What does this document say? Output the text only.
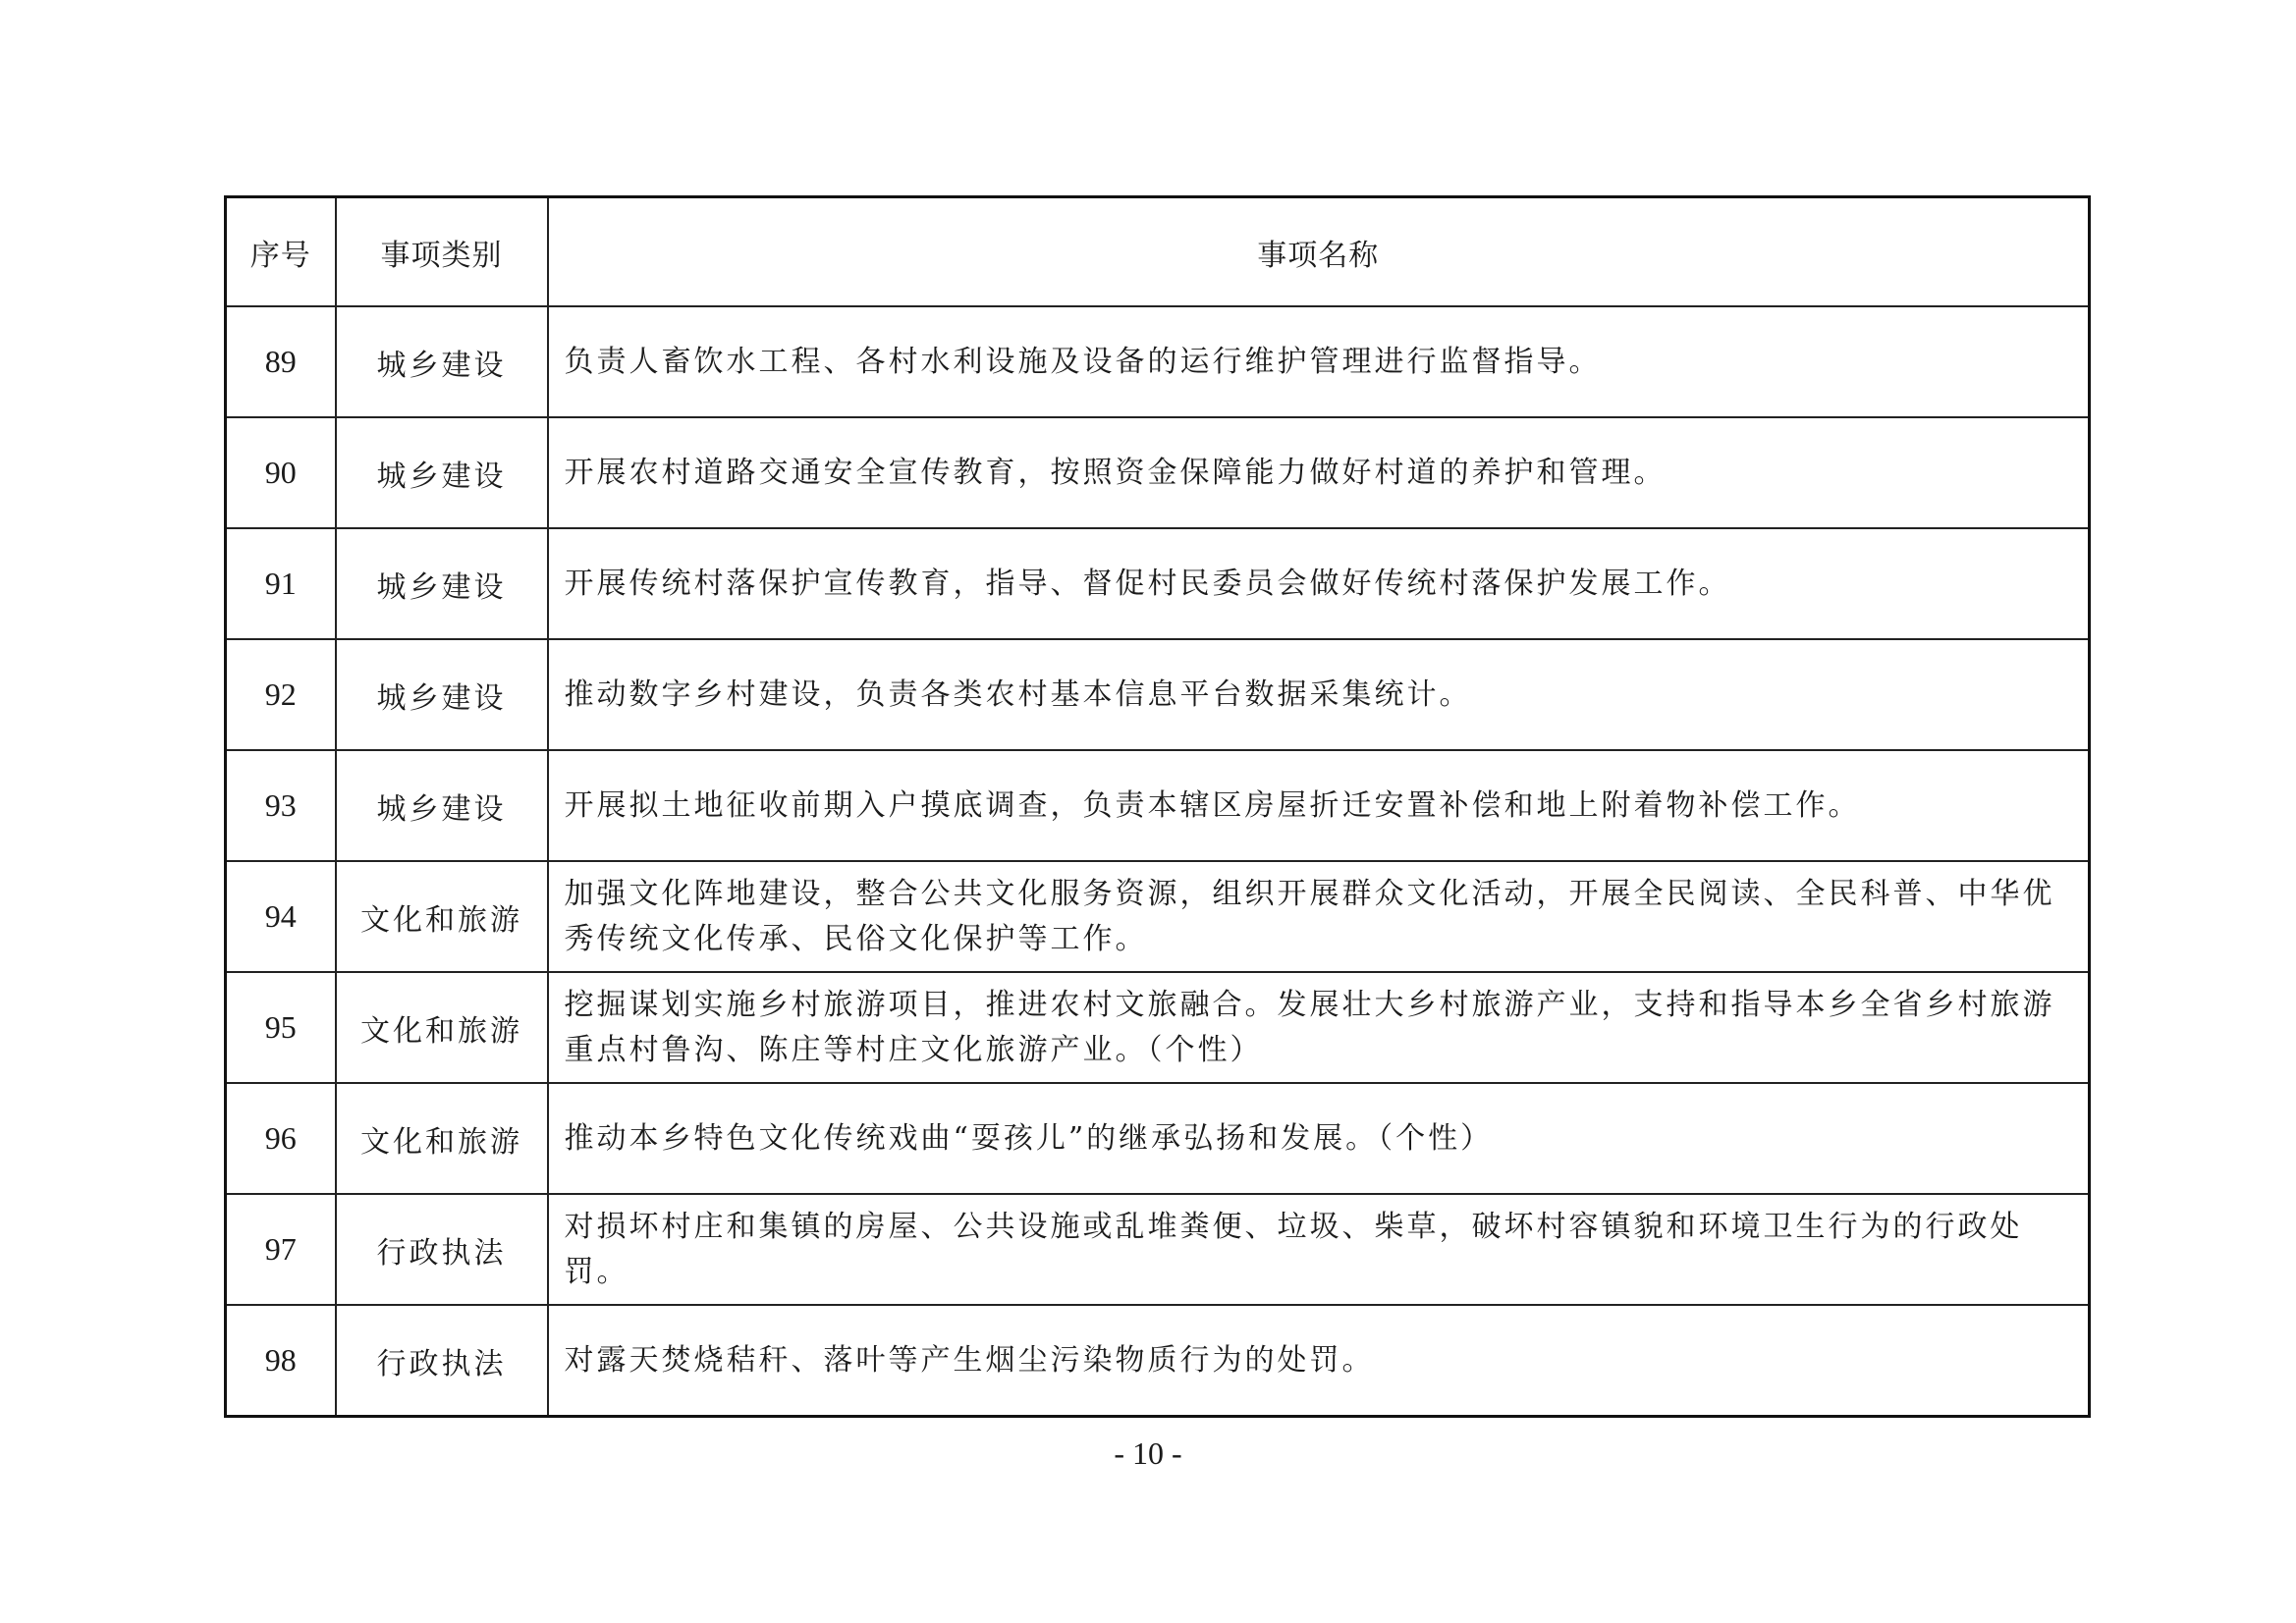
序号	事项类别	事项名称
89	城乡建设	负责人畜饮水工程、各村水利设施及设备的运行维护管理进行监督指导。
90	城乡建设	开展农村道路交通安全宣传教育，按照资金保障能力做好村道的养护和管理。
91	城乡建设	开展传统村落保护宣传教育，指导、督促村民委员会做好传统村落保护发展工作。
92	城乡建设	推动数字乡村建设，负责各类农村基本信息平台数据采集统计。
93	城乡建设	开展拟土地征收前期入户摸底调查，负责本辖区房屋折迁安置补偿和地上附着物补偿工作。
94	文化和旅游	加强文化阵地建设，整合公共文化服务资源，组织开展群众文化活动，开展全民阅读、全民科普、中华优秀传统文化传承、民俗文化保护等工作。
95	文化和旅游	挖掘谋划实施乡村旅游项目，推进农村文旅融合。发展壮大乡村旅游产业，支持和指导本乡全省乡村旅游重点村鲁沟、陈庄等村庄文化旅游产业。（个性）
96	文化和旅游	推动本乡特色文化传统戏曲“耍孩儿”的继承弘扬和发展。（个性）
97	行政执法	对损坏村庄和集镇的房屋、公共设施或乱堆粪便、垃圾、柴草，破坏村容镇貌和环境卫生行为的行政处罚。
98	行政执法	对露天焚烧秸秆、落叶等产生烟尘污染物质行为的处罚。
- 10 -
